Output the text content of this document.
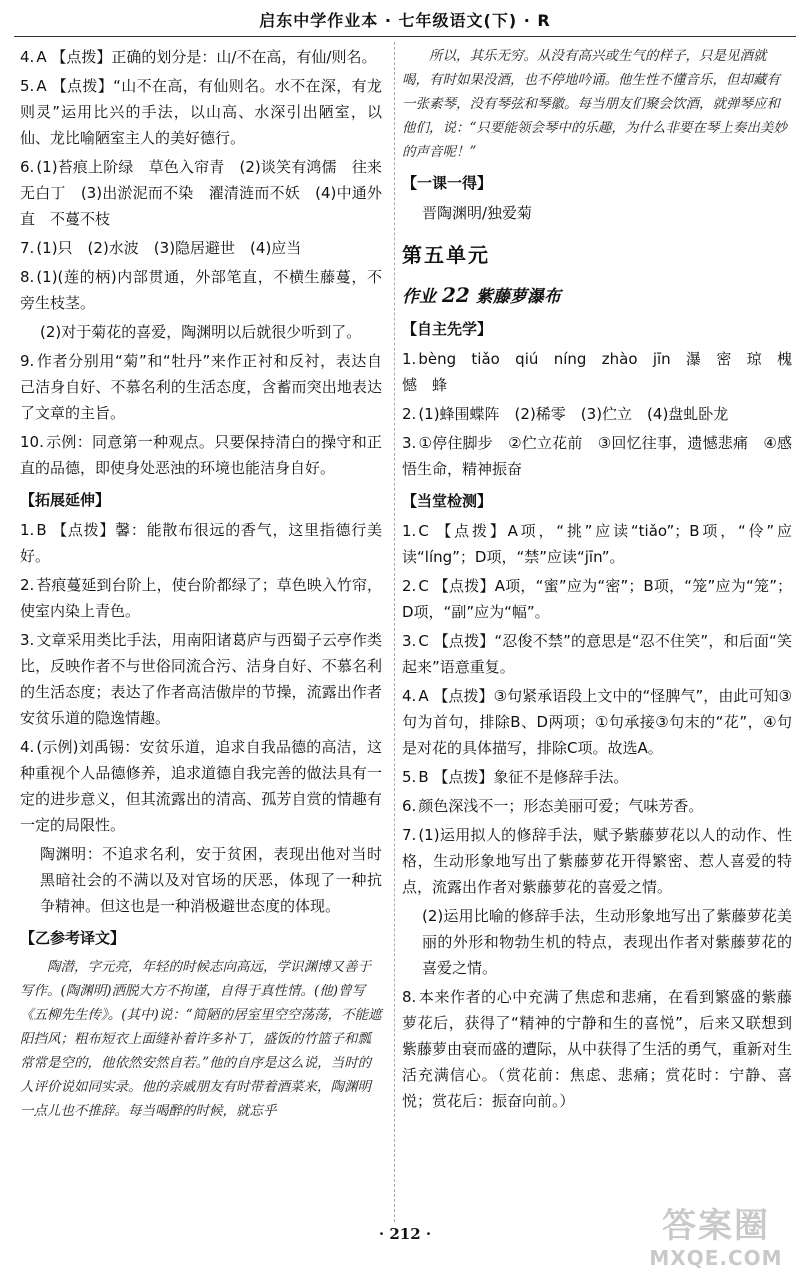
启东中学作业本 · 七年级语文(下) · R
4. A 【点拨】正确的划分是：山/不在高，有仙/则名。
5. A 【点拨】“山不在高，有仙则名。水不在深，有龙则灵”运用比兴的手法，以山高、水深引出陋室，以仙、龙比喻陋室主人的美好德行。
6. (1)苔痕上阶绿　草色入帘青　(2)谈笑有鸿儒　往来无白丁　(3)出淤泥而不染　濯清涟而不妖　(4)中通外直　不蔓不枝
7. (1)只　(2)水波　(3)隐居避世　(4)应当
8. (1)(莲的柄)内部贯通，外部笔直，不横生藤蔓，不旁生枝茎。
(2)对于菊花的喜爱，陶渊明以后就很少听到了。
9. 作者分别用“菊”和“牡丹”来作正衬和反衬，表达自己洁身自好、不慕名利的生活态度，含蓄而突出地表达了文章的主旨。
10. 示例：同意第一种观点。只要保持清白的操守和正直的品德，即使身处恶浊的环境也能洁身自好。
【拓展延伸】
1. B 【点拨】馨：能散布很远的香气，这里指德行美好。
2. 苔痕蔓延到台阶上，使台阶都绿了；草色映入竹帘，使室内染上青色。
3. 文章采用类比手法，用南阳诸葛庐与西蜀子云亭作类比，反映作者不与世俗同流合污、洁身自好、不慕名利的生活态度；表达了作者高洁傲岸的节操，流露出作者安贫乐道的隐逸情趣。
4. (示例)刘禹锡：安贫乐道，追求自我品德的高洁，这种重视个人品德修养，追求道德自我完善的做法具有一定的进步意义，但其流露出的清高、孤芳自赏的情趣有一定的局限性。
陶渊明：不追求名利，安于贫困，表现出他对当时黑暗社会的不满以及对官场的厌恶，体现了一种抗争精神。但这也是一种消极避世态度的体现。
【乙参考译文】

陶潜，字元亮，年轻的时候志向高远，学识渊博又善于写作。(陶渊明)洒脱大方不拘谨，自得于真性情。(他)曾写《五柳先生传》。(其中)说：“简陋的居室里空空荡荡，不能遮阳挡风；粗布短衣上面缝补着许多补丁，盛饭的竹篮子和瓢常常是空的，他依然安然自若。”他的自序是这么说，当时的人评价说如同实录。他的亲戚朋友有时带着酒菜来，陶渊明一点儿也不推辞。每当喝醉的时候，就忘乎

所以，其乐无穷。从没有高兴或生气的样子，只是见酒就喝，有时如果没酒，也不停地吟诵。他生性不懂音乐，但却藏有一张素琴，没有琴弦和琴徽。每当朋友们聚会饮酒，就弹琴应和他们，说：“只要能领会琴中的乐趣，为什么非要在琴上奏出美妙的声音呢！”

【一课一得】
晋陶渊明/独爱菊
第五单元
作业 22 紫藤萝瀑布
【自主先学】
1. bèng　tiǎo　qiú　níng　zhào　jīn　瀑　密　琼　槐　憾　蜂
2. (1)蜂围蝶阵　(2)稀零　(3)伫立　(4)盘虬卧龙
3. ①停住脚步　②伫立花前　③回忆往事，遗憾悲痛　④感悟生命，精神振奋
【当堂检测】
1. C 【点拨】A项，“挑”应读“tiǎo”；B项，“伶”应读“líng”；D项，“禁”应读“jīn”。
2. C 【点拨】A项，“蜜”应为“密”；B项，“笼”应为“笼”；D项，“副”应为“幅”。
3. C 【点拨】“忍俊不禁”的意思是“忍不住笑”，和后面“笑起来”语意重复。
4. A 【点拨】③句紧承语段上文中的“怪脾气”，由此可知③句为首句，排除B、D两项；①句承接③句末的“花”，④句是对花的具体描写，排除C项。故选A。
5. B 【点拨】象征不是修辞手法。
6. 颜色深浅不一；形态美丽可爱；气味芳香。
7. (1)运用拟人的修辞手法，赋予紫藤萝花以人的动作、性格，生动形象地写出了紫藤萝花开得繁密、惹人喜爱的特点，流露出作者对紫藤萝花的喜爱之情。
(2)运用比喻的修辞手法，生动形象地写出了紫藤萝花美丽的外形和物勃生机的特点，表现出作者对紫藤萝花的喜爱之情。
8. 本来作者的心中充满了焦虑和悲痛，在看到繁盛的紫藤萝花后，获得了“精神的宁静和生的喜悦”，后来又联想到紫藤萝由衰而盛的遭际，从中获得了生活的勇气，重新对生活充满信心。（赏花前：焦虑、悲痛；赏花时：宁静、喜悦；赏花后：振奋向前。）
· 212 ·	答案圈
MXQE.COM
